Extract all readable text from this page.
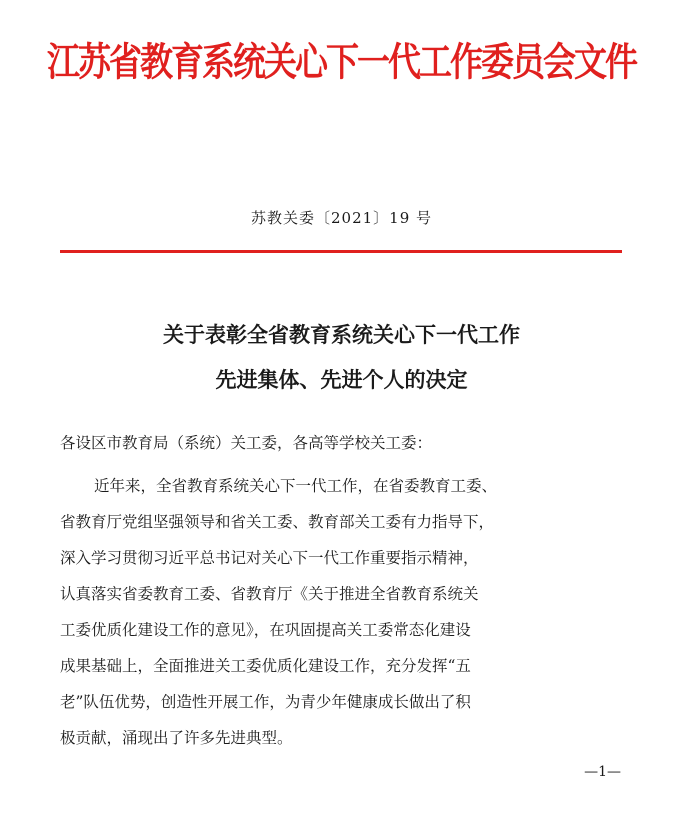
江苏省教育系统关心下一代工作委员会文件
苏教关委〔2021〕19 号
关于表彰全省教育系统关心下一代工作
先进集体、先进个人的决定
各设区市教育局（系统）关工委，各高等学校关工委：
近年来，全省教育系统关心下一代工作，在省委教育工委、
省教育厅党组坚强领导和省关工委、教育部关工委有力指导下，
深入学习贯彻习近平总书记对关心下一代工作重要指示精神，
认真落实省委教育工委、省教育厅《关于推进全省教育系统关
工委优质化建设工作的意见》，在巩固提高关工委常态化建设
成果基础上，全面推进关工委优质化建设工作，充分发挥“五
老”队伍优势，创造性开展工作，为青少年健康成长做出了积
极贡献，涌现出了许多先进典型。
—1—
